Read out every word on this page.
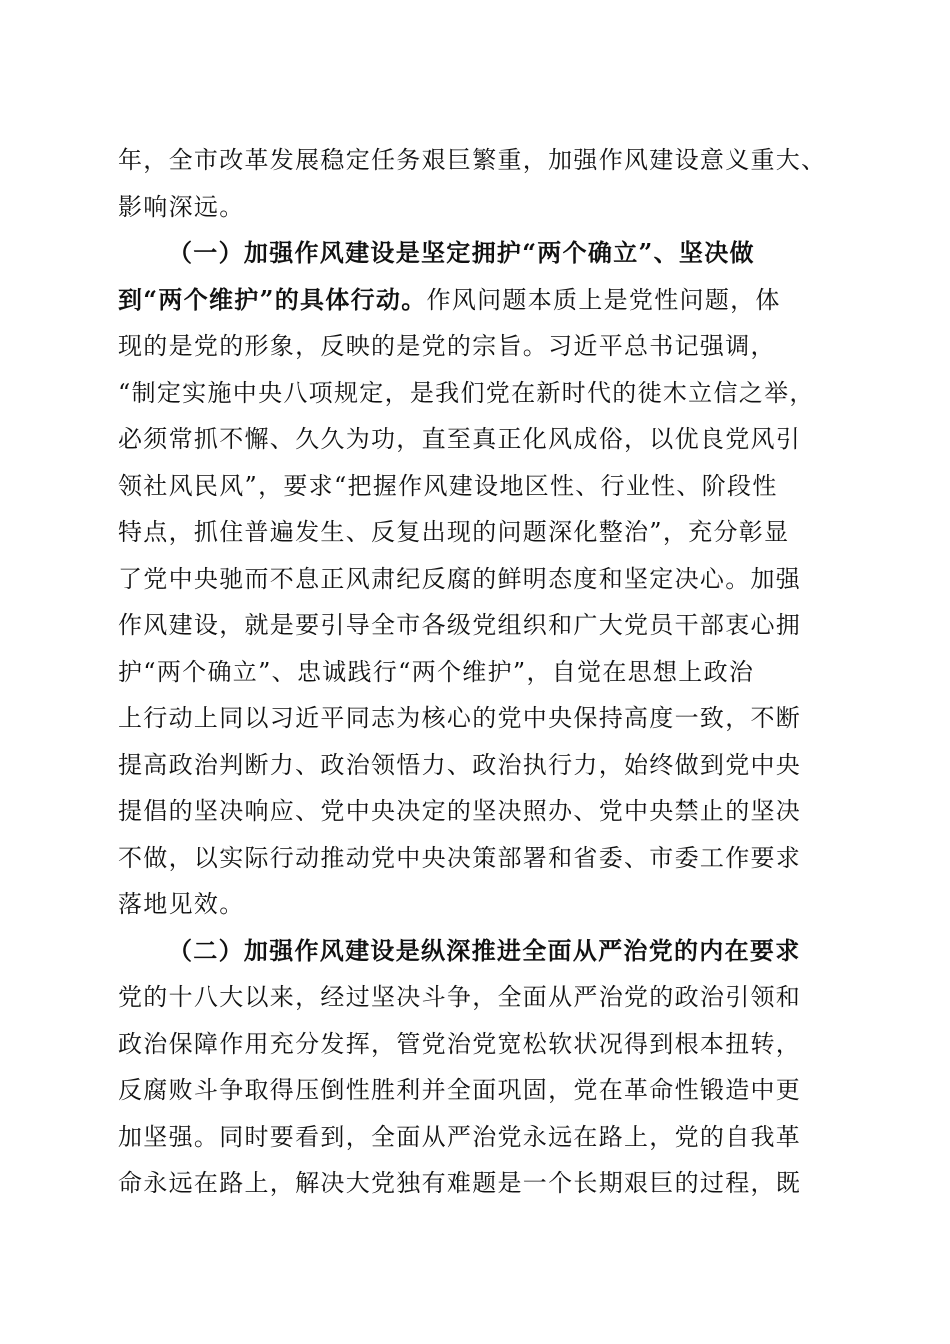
年，全市改革发展稳定任务艰巨繁重，加强作风建设意义重大、
影响深远。
（一）加强作风建设是坚定拥护“两个确立”、坚决做
到“两个维护”的具体行动。作风问题本质上是党性问题，体
现的是党的形象，反映的是党的宗旨。习近平总书记强调，
“制定实施中央八项规定，是我们党在新时代的徙木立信之举，
必须常抓不懈、久久为功，直至真正化风成俗，以优良党风引
领社风民风”，要求“把握作风建设地区性、行业性、阶段性
特点，抓住普遍发生、反复出现的问题深化整治”，充分彰显
了党中央驰而不息正风肃纪反腐的鲜明态度和坚定决心。加强
作风建设，就是要引导全市各级党组织和广大党员干部衷心拥
护“两个确立”、忠诚践行“两个维护”，自觉在思想上政治
上行动上同以习近平同志为核心的党中央保持高度一致，不断
提高政治判断力、政治领悟力、政治执行力，始终做到党中央
提倡的坚决响应、党中央决定的坚决照办、党中央禁止的坚决
不做，以实际行动推动党中央决策部署和省委、市委工作要求
落地见效。
（二）加强作风建设是纵深推进全面从严治党的内在要求
党的十八大以来，经过坚决斗争，全面从严治党的政治引领和
政治保障作用充分发挥，管党治党宽松软状况得到根本扭转，
反腐败斗争取得压倒性胜利并全面巩固，党在革命性锻造中更
加坚强。同时要看到，全面从严治党永远在路上，党的自我革
命永远在路上，解决大党独有难题是一个长期艰巨的过程，既
